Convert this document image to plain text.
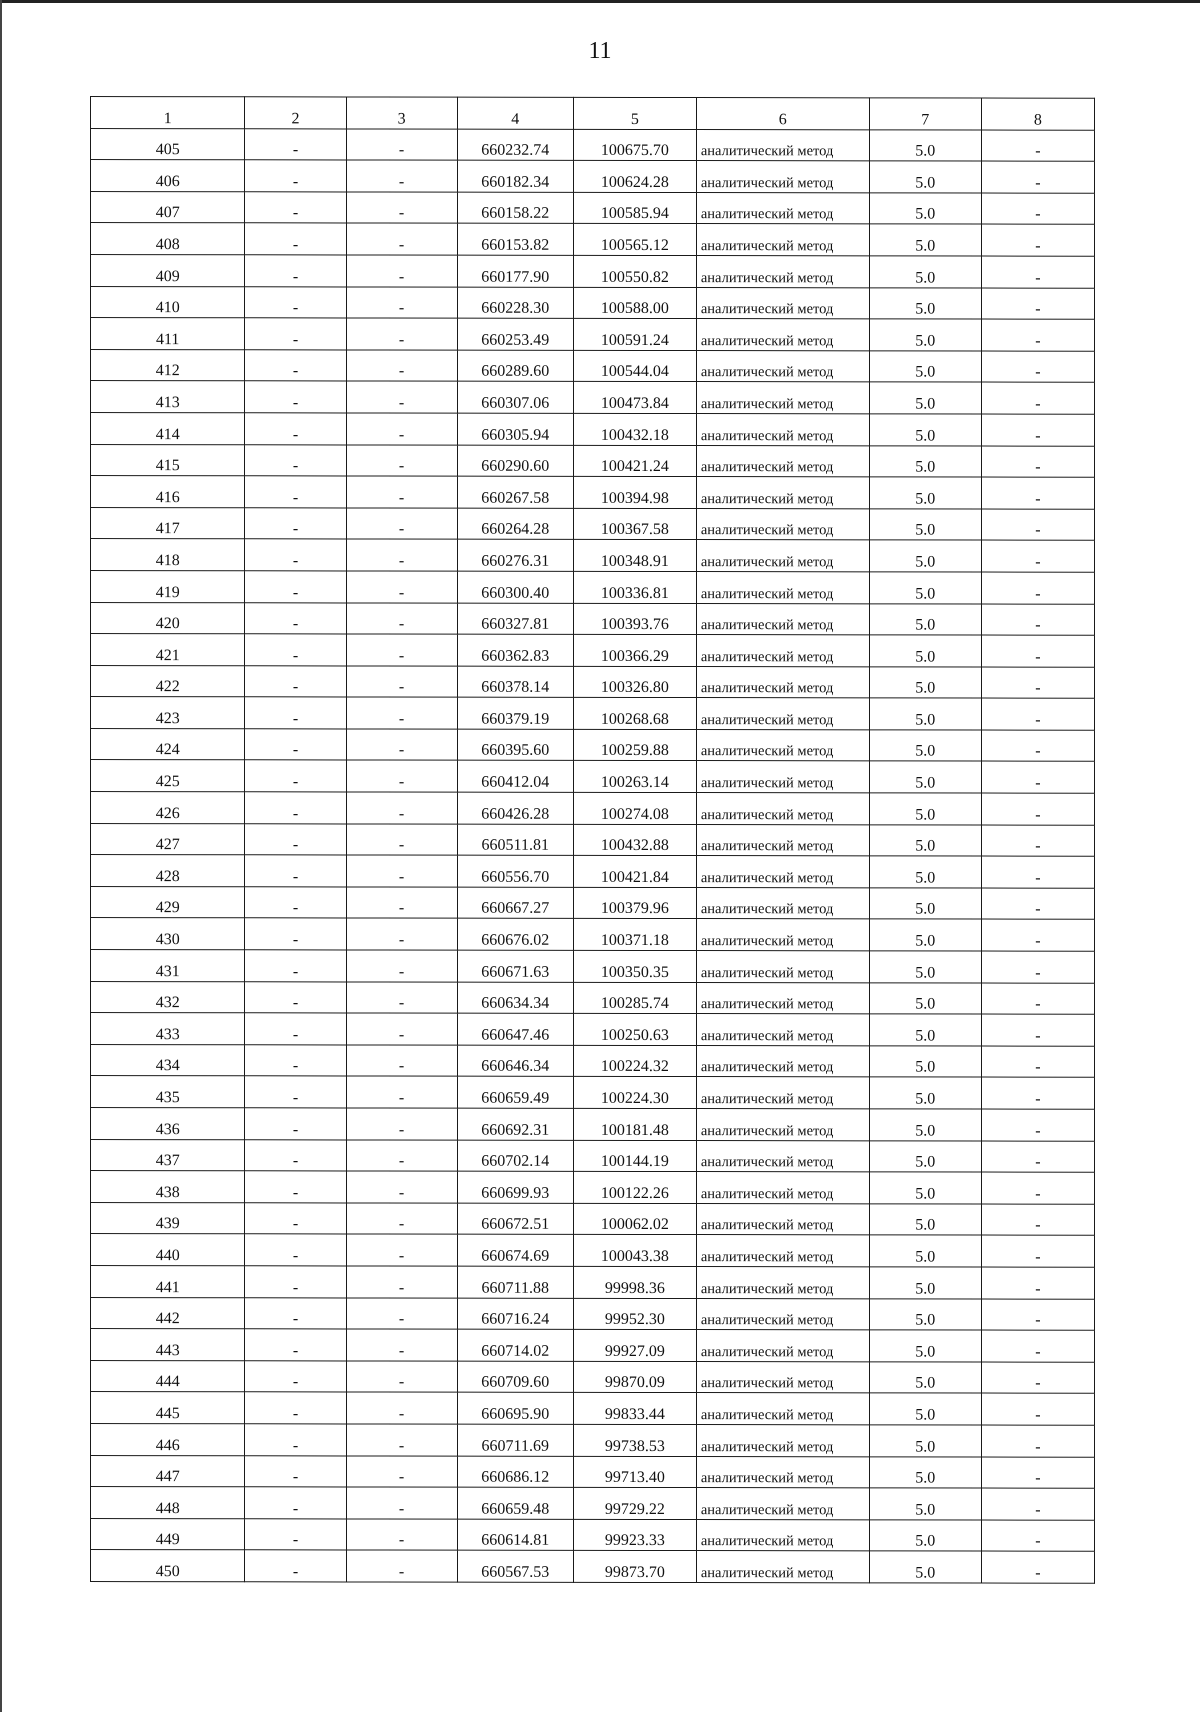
11
1	2	3	4	5	6	7	8
405	-	-	660232.74	100675.70	аналитический метод	5.0	-
406	-	-	660182.34	100624.28	аналитический метод	5.0	-
407	-	-	660158.22	100585.94	аналитический метод	5.0	-
408	-	-	660153.82	100565.12	аналитический метод	5.0	-
409	-	-	660177.90	100550.82	аналитический метод	5.0	-
410	-	-	660228.30	100588.00	аналитический метод	5.0	-
411	-	-	660253.49	100591.24	аналитический метод	5.0	-
412	-	-	660289.60	100544.04	аналитический метод	5.0	-
413	-	-	660307.06	100473.84	аналитический метод	5.0	-
414	-	-	660305.94	100432.18	аналитический метод	5.0	-
415	-	-	660290.60	100421.24	аналитический метод	5.0	-
416	-	-	660267.58	100394.98	аналитический метод	5.0	-
417	-	-	660264.28	100367.58	аналитический метод	5.0	-
418	-	-	660276.31	100348.91	аналитический метод	5.0	-
419	-	-	660300.40	100336.81	аналитический метод	5.0	-
420	-	-	660327.81	100393.76	аналитический метод	5.0	-
421	-	-	660362.83	100366.29	аналитический метод	5.0	-
422	-	-	660378.14	100326.80	аналитический метод	5.0	-
423	-	-	660379.19	100268.68	аналитический метод	5.0	-
424	-	-	660395.60	100259.88	аналитический метод	5.0	-
425	-	-	660412.04	100263.14	аналитический метод	5.0	-
426	-	-	660426.28	100274.08	аналитический метод	5.0	-
427	-	-	660511.81	100432.88	аналитический метод	5.0	-
428	-	-	660556.70	100421.84	аналитический метод	5.0	-
429	-	-	660667.27	100379.96	аналитический метод	5.0	-
430	-	-	660676.02	100371.18	аналитический метод	5.0	-
431	-	-	660671.63	100350.35	аналитический метод	5.0	-
432	-	-	660634.34	100285.74	аналитический метод	5.0	-
433	-	-	660647.46	100250.63	аналитический метод	5.0	-
434	-	-	660646.34	100224.32	аналитический метод	5.0	-
435	-	-	660659.49	100224.30	аналитический метод	5.0	-
436	-	-	660692.31	100181.48	аналитический метод	5.0	-
437	-	-	660702.14	100144.19	аналитический метод	5.0	-
438	-	-	660699.93	100122.26	аналитический метод	5.0	-
439	-	-	660672.51	100062.02	аналитический метод	5.0	-
440	-	-	660674.69	100043.38	аналитический метод	5.0	-
441	-	-	660711.88	99998.36	аналитический метод	5.0	-
442	-	-	660716.24	99952.30	аналитический метод	5.0	-
443	-	-	660714.02	99927.09	аналитический метод	5.0	-
444	-	-	660709.60	99870.09	аналитический метод	5.0	-
445	-	-	660695.90	99833.44	аналитический метод	5.0	-
446	-	-	660711.69	99738.53	аналитический метод	5.0	-
447	-	-	660686.12	99713.40	аналитический метод	5.0	-
448	-	-	660659.48	99729.22	аналитический метод	5.0	-
449	-	-	660614.81	99923.33	аналитический метод	5.0	-
450	-	-	660567.53	99873.70	аналитический метод	5.0	-
